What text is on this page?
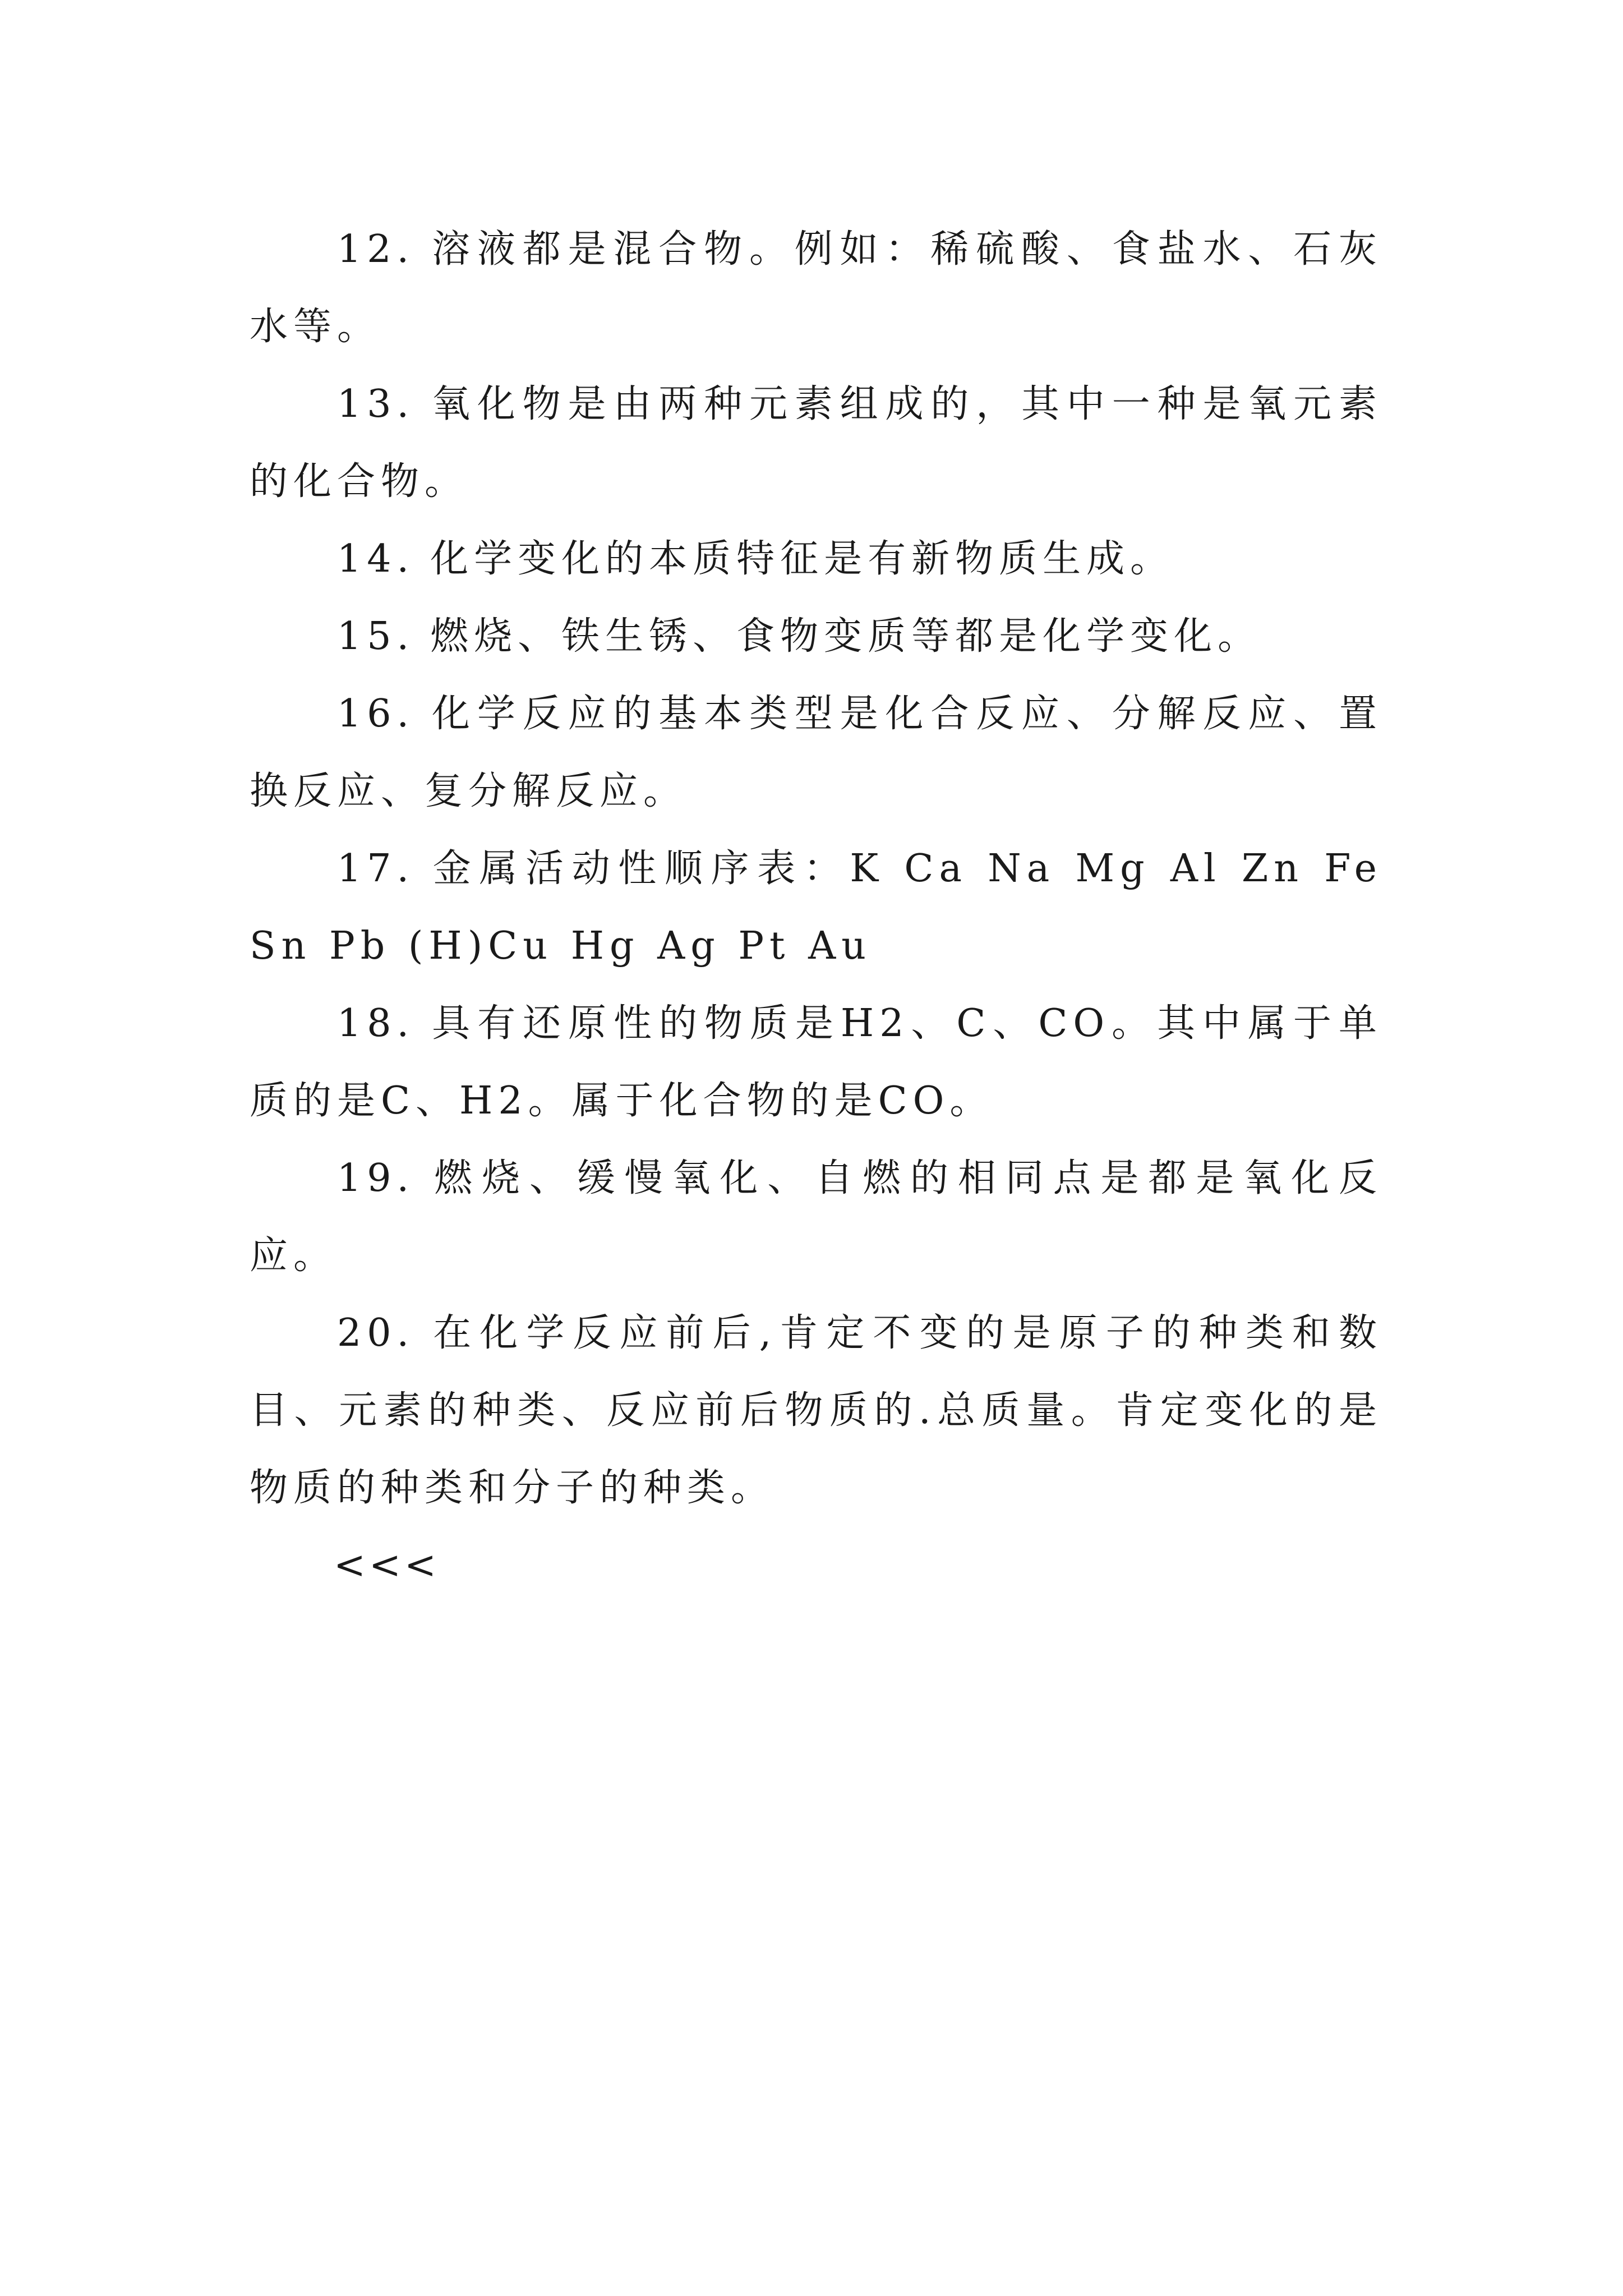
12. 溶液都是混合物。例如：稀硫酸、食盐水、石灰水等。

13. 氧化物是由两种元素组成的，其中一种是氧元素的化合物。

14. 化学变化的本质特征是有新物质生成。

15. 燃烧、铁生锈、食物变质等都是化学变化。

16. 化学反应的基本类型是化合反应、分解反应、置换反应、复分解反应。

17. 金属活动性顺序表：K Ca Na Mg Al Zn Fe Sn Pb (H)Cu Hg Ag Pt Au

18. 具有还原性的物质是H2、C、CO。其中属于单质的是C、H2。属于化合物的是CO。

19. 燃烧、缓慢氧化、自燃的相同点是都是氧化反应。

20. 在化学反应前后,肯定不变的是原子的种类和数目、元素的种类、反应前后物质的.总质量。肯定变化的是物质的种类和分子的种类。

<<<
